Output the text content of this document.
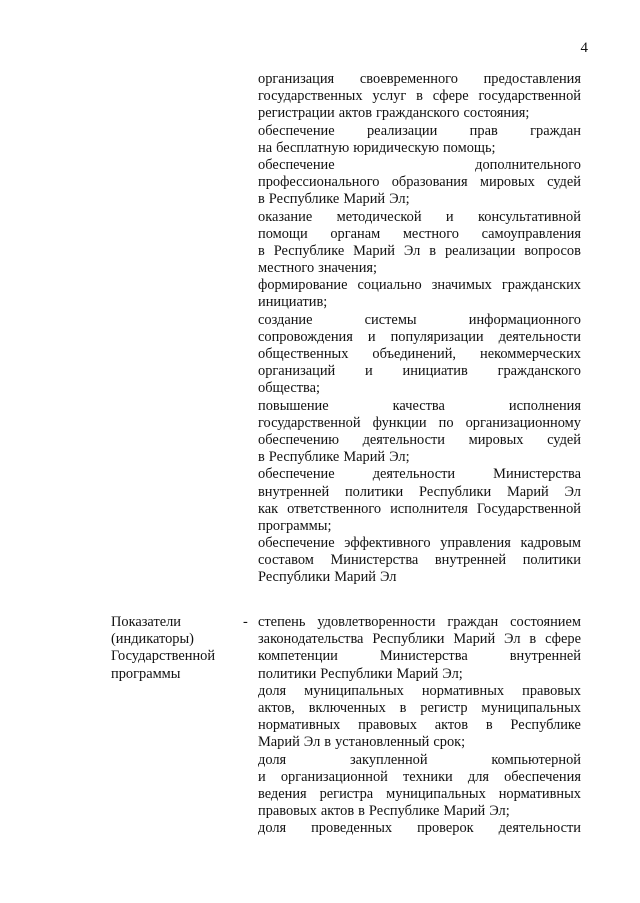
4
организация своевременного предоставления
государственных услуг в сфере государственной
регистрации актов гражданского состояния;
обеспечение реализации прав граждан
на бесплатную юридическую помощь;
обеспечение	дополнительного
профессионального образования мировых судей
в Республике Марий Эл;
оказание методической и консультативной
помощи органам местного самоуправления
в Республике Марий Эл в реализации вопросов
местного значения;
формирование социально значимых гражданских
инициатив;
создание	системы	информационного
сопровождения и популяризации деятельности
общественных объединений, некоммерческих
организаций и инициатив гражданского
общества;
повышение	качества	исполнения
государственной функции по организационному
обеспечению деятельности мировых судей
в Республике Марий Эл;
обеспечение	деятельности	Министерства
внутренней политики Республики Марий Эл
как ответственного исполнителя Государственной
программы;
обеспечение эффективного управления кадровым
составом Министерства внутренней политики
Республики Марий Эл
Показатели
(индикаторы)
Государственной
программы
- степень удовлетворенности граждан состоянием
законодательства Республики Марий Эл в сфере
компетенции	Министерства	внутренней
политики Республики Марий Эл;
доля муниципальных нормативных правовых
актов, включенных в регистр муниципальных
нормативных правовых актов в Республике
Марий Эл в установленный срок;
доля	закупленной	компьютерной
и организационной техники для обеспечения
ведения регистра муниципальных нормативных
правовых актов в Республике Марий Эл;
доля проведенных проверок деятельности
